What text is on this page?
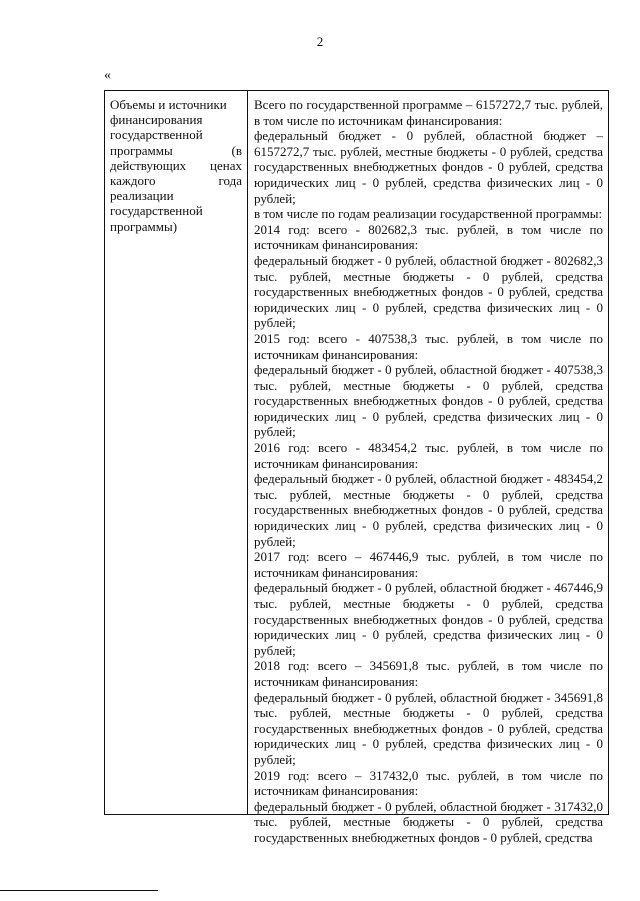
2
«
Объемы и источники
финансирования
государственной
программы	(в
действующих ценах
каждого	года
реализации
государственной
программы)

Всего по государственной программе – 6157272,7 тыс. рублей, в том числе по источникам финансирования:

федеральный бюджет - 0 рублей, областной бюджет – 6157272,7 тыс. рублей, местные бюджеты - 0 рублей, средства государственных внебюджетных фондов - 0 рублей, средства юридических лиц - 0 рублей, средства физических лиц - 0 рублей;

в том числе по годам реализации государственной программы:

2014 год: всего - 802682,3 тыс. рублей, в том числе по источникам финансирования:

федеральный бюджет - 0 рублей, областной бюджет - 802682,3 тыс. рублей, местные бюджеты - 0 рублей, средства государственных внебюджетных фондов - 0 рублей, средства юридических лиц - 0 рублей, средства физических лиц - 0 рублей;

2015 год: всего - 407538,3 тыс. рублей, в том числе по источникам финансирования:

федеральный бюджет - 0 рублей, областной бюджет - 407538,3 тыс. рублей, местные бюджеты - 0 рублей, средства государственных внебюджетных фондов - 0 рублей, средства юридических лиц - 0 рублей, средства физических лиц - 0 рублей;

2016 год: всего - 483454,2 тыс. рублей, в том числе по источникам финансирования:

федеральный бюджет - 0 рублей, областной бюджет - 483454,2 тыс. рублей, местные бюджеты - 0 рублей, средства государственных внебюджетных фондов - 0 рублей, средства юридических лиц - 0 рублей, средства физических лиц - 0 рублей;

2017 год: всего – 467446,9 тыс. рублей, в том числе по источникам финансирования:

федеральный бюджет - 0 рублей, областной бюджет - 467446,9 тыс. рублей, местные бюджеты - 0 рублей, средства государственных внебюджетных фондов - 0 рублей, средства юридических лиц - 0 рублей, средства физических лиц - 0 рублей;

2018 год: всего – 345691,8 тыс. рублей, в том числе по источникам финансирования:

федеральный бюджет - 0 рублей, областной бюджет - 345691,8 тыс. рублей, местные бюджеты - 0 рублей, средства государственных внебюджетных фондов - 0 рублей, средства юридических лиц - 0 рублей, средства физических лиц - 0 рублей;

2019 год: всего – 317432,0 тыс. рублей, в том числе по источникам финансирования:

федеральный бюджет - 0 рублей, областной бюджет - 317432,0 тыс. рублей, местные бюджеты - 0 рублей, средства государственных внебюджетных фондов - 0 рублей, средства
